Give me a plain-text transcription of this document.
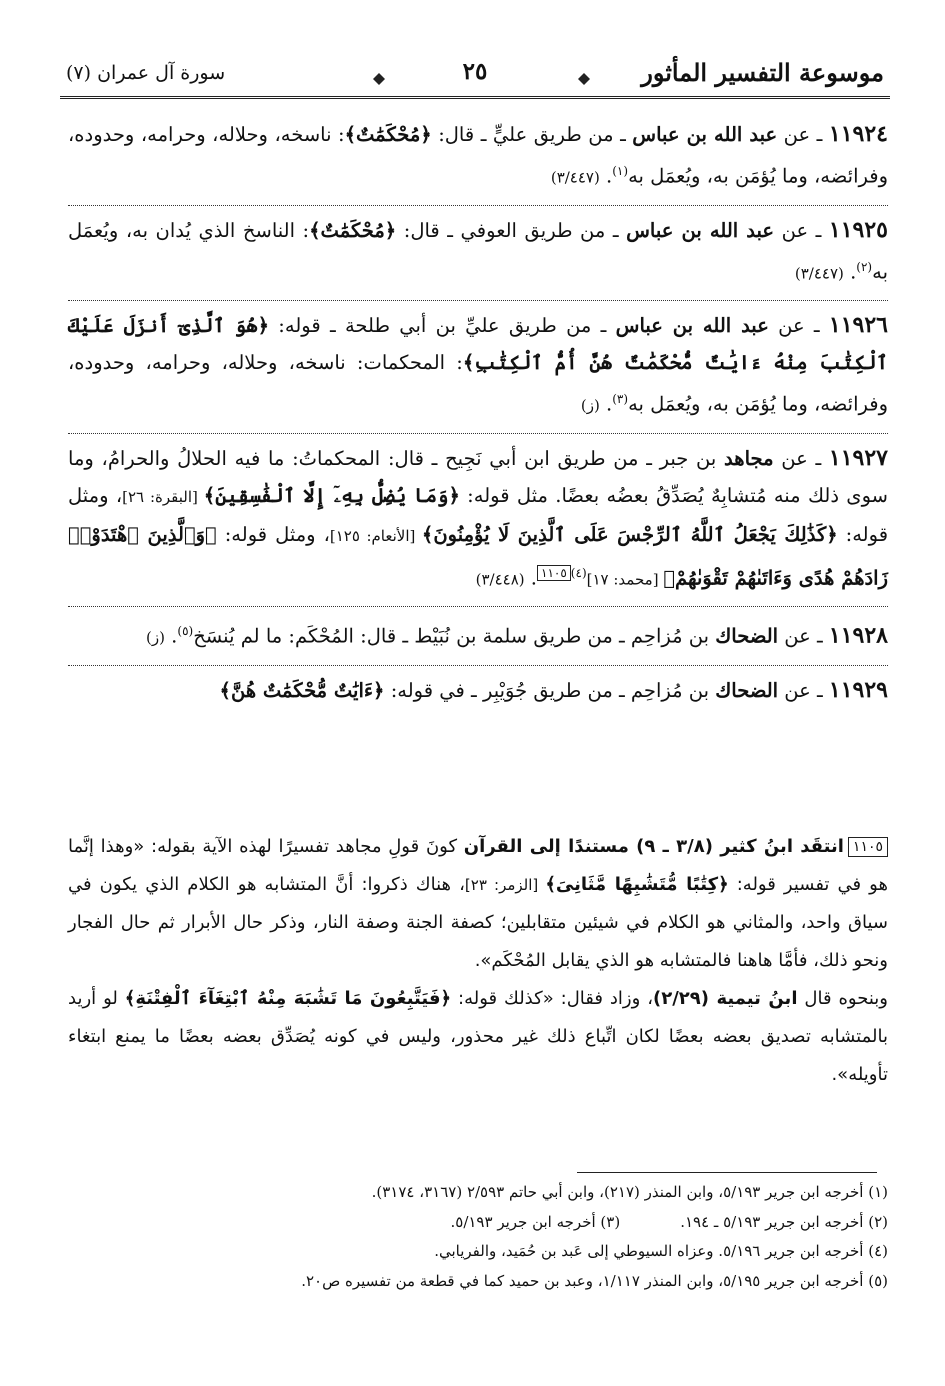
موسوعة التفسير المأثور
٢٥
سورة آل عمران (٧)
١١٩٢٤ ـ عن عبد الله بن عباس ـ من طريق عليٍّ ـ قال: ﴿مُحْكَمَٰتٌ﴾: ناسخه، وحلاله، وحرامه، وحدوده، وفرائضه، وما يُؤمَن به، ويُعمَل به$^{(١)}$. (٣/٤٤٧)
١١٩٢٥ ـ عن عبد الله بن عباس ـ من طريق العوفي ـ قال: ﴿مُحْكَمَٰتٌ﴾: الناسخ الذي يُدان به، ويُعمَل به$^{(٢)}$. (٣/٤٤٧)
١١٩٢٦ ـ عن عبد الله بن عباس ـ من طريق عليِّ بن أبي طلحة ـ قوله: ﴿هُوَ ٱلَّذِىٓ أَنزَلَ عَلَيْكَ ٱلْكِتَٰبَ مِنْهُ ءَايَٰتٌ مُّحْكَمَٰتٌ هُنَّ أُمُّ ٱلْكِتَٰبِ﴾: المحكمات: ناسخه، وحلاله، وحرامه، وحدوده، وفرائضه، وما يُؤمَن به، ويُعمَل به$^{(٣)}$. (ز)
١١٩٢٧ ـ عن مجاهد بن جبر ـ من طريق ابن أبي نَجِيح ـ قال: المحكماتُ: ما فيه الحلالُ والحرامُ، وما سوى ذلك منه مُتشابِهٌ يُصَدِّقُ بعضُه بعضًا. مثل قوله: ﴿وَمَا يُضِلُّ بِهِۦٓ إِلَّا ٱلْفَٰسِقِينَ﴾ [البقرة: ٢٦]، ومثل قوله: ﴿كَذَٰلِكَ يَجْعَلُ ٱللَّهُ ٱلرِّجْسَ عَلَى ٱلَّذِينَ لَا يُؤْمِنُونَ﴾ [الأنعام: ١٢٥]، ومثل قوله: ﴿وَٱلَّذِينَ ٱهْتَدَوْا۟ زَادَهُمْ هُدًى وَءَاتَىٰهُمْ تَقْوَىٰهُمْ﴾ [محمد: ١٧]$^{(٤)}$١١٠٥. (٣/٤٤٨)
١١٩٢٨ ـ عن الضحاك بن مُزاحِم ـ من طريق سلمة بن نُبَيْط ـ قال: المُحْكَم: ما لم يُنسَخ$^{(٥)}$. (ز)
١١٩٢٩ ـ عن الضحاك بن مُزاحِم ـ من طريق جُوَيْبِر ـ في قوله: ﴿ءَايَٰتٌ مُّحْكَمَٰتٌ هُنَّ﴾

١١٠٥انتقَد ابنُ كثير (٣/٨ ـ ٩) مستندًا إلى القرآن كونَ قولِ مجاهد تفسيرًا لهذه الآية بقوله: «وهذا إنَّما هو في تفسير قوله: ﴿كِتَٰبًا مُّتَشَٰبِهًا مَّثَانِىَ﴾ [الزمر: ٢٣]، هناك ذكروا: أنَّ المتشابه هو الكلام الذي يكون في سياق واحد، والمثاني هو الكلام في شيئين متقابلين؛ كصفة الجنة وصفة النار، وذكر حال الأبرار ثم حال الفجار ونحو ذلك، فأمَّا هاهنا فالمتشابه هو الذي يقابل المُحْكَم».

وبنحوه قال ابنُ تيمية (٢/٢٩)، وزاد فقال: «كذلك قوله: ﴿فَيَتَّبِعُونَ مَا تَشَٰبَهَ مِنْهُ ٱبْتِغَآءَ ٱلْفِتْنَةِ﴾ لو أريد بالمتشابه تصديق بعضه بعضًا لكان اتِّباع ذلك غير محذور، وليس في كونه يُصَدِّق بعضه بعضًا ما يمنع ابتغاء تأويله».

(١) أخرجه ابن جرير ٥/١٩٣، وابن المنذر (٢١٧)، وابن أبي حاتم ٢/٥٩٣ (٣١٦٧، ٣١٧٤).
(٢) أخرجه ابن جرير ٥/١٩٣ ـ ١٩٤.(٣) أخرجه ابن جرير ٥/١٩٣.
(٤) أخرجه ابن جرير ٥/١٩٦. وعزاه السيوطي إلى عَبد بن حُمَيد، والفريابي.
(٥) أخرجه ابن جرير ٥/١٩٥، وابن المنذر ١/١١٧، وعبد بن حميد كما في قطعة من تفسيره ص٢٠.
